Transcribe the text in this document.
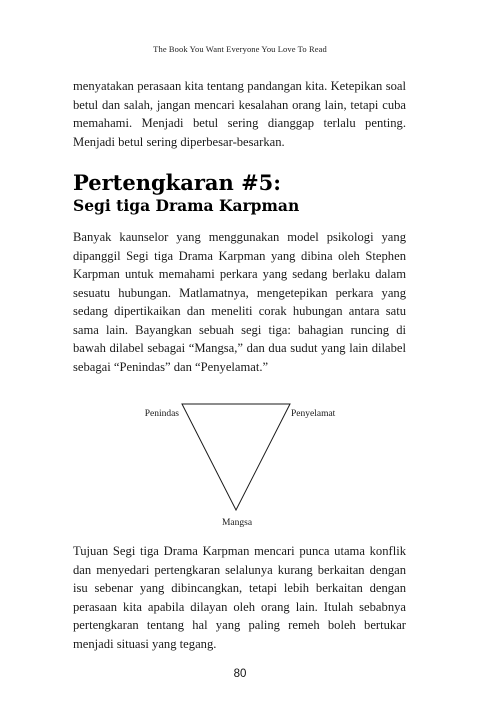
The Book You Want Everyone You Love To Read

menyatakan perasaan kita tentang pandangan kita. Ketepikan soal betul dan salah, jangan mencari kesalahan orang lain, tetapi cuba memahami. Menjadi betul sering dianggap terlalu penting. Menjadi betul sering diperbesar-besarkan.

Pertengkaran #5:
Segi tiga Drama Karpman

Banyak kaunselor yang menggunakan model psikologi yang dipanggil Segi tiga Drama Karpman yang dibina oleh Stephen Karpman untuk memahami perkara yang sedang berlaku dalam sesuatu hubungan. Matlamatnya, mengetepikan perkara yang sedang dipertikaikan dan meneliti corak hubungan antara satu sama lain. Bayangkan sebuah segi tiga: bahagian runcing di bawah dilabel sebagai “Mangsa,” dan dua sudut yang lain dilabel sebagai “Penindas” dan “Penyelamat.”

Penindas	Penyelamat
Mangsa

Tujuan Segi tiga Drama Karpman mencari punca utama konflik dan menyedari pertengkaran selalunya kurang berkaitan dengan isu sebenar yang dibincangkan, tetapi lebih berkaitan dengan perasaan kita apabila dilayan oleh orang lain. Itulah sebabnya pertengkaran tentang hal yang paling remeh boleh bertukar menjadi situasi yang tegang.

80
